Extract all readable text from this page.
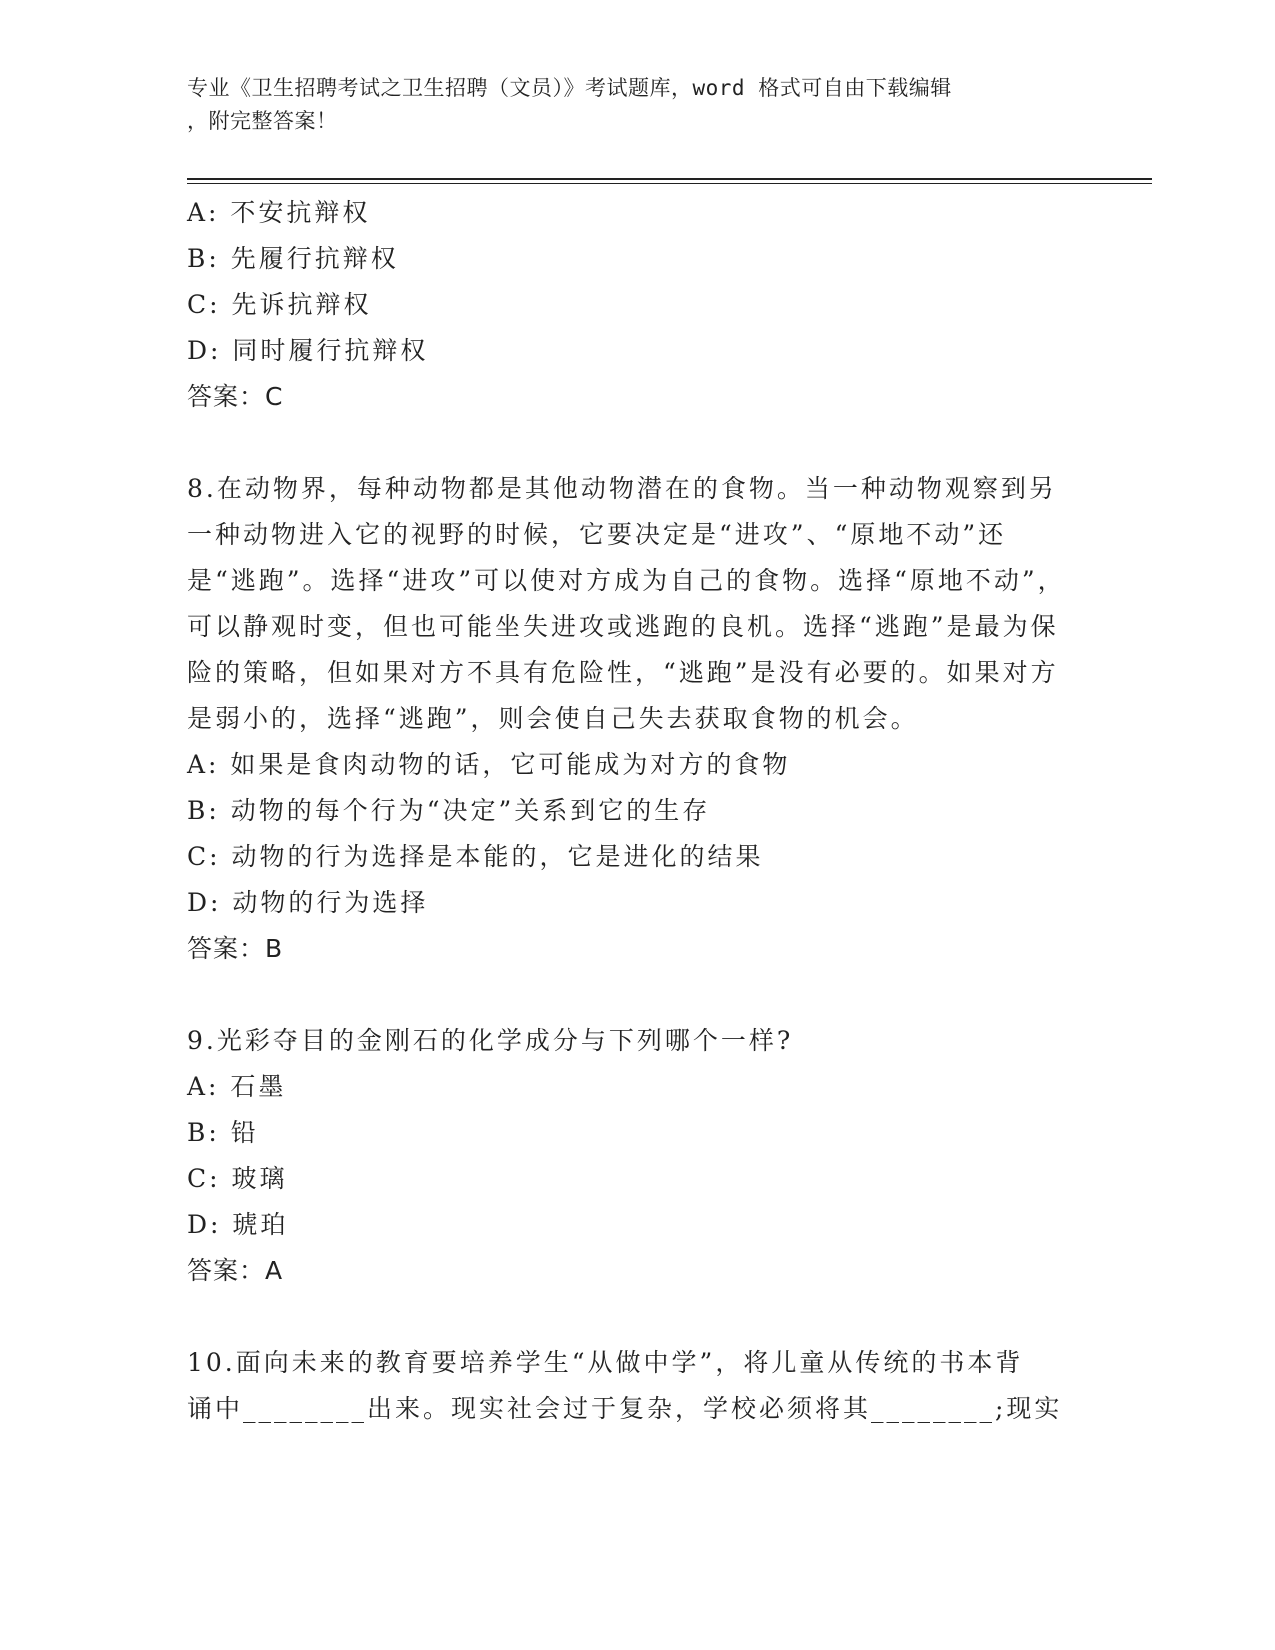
专业《卫生招聘考试之卫生招聘（文员）》考试题库，word 格式可自由下载编辑
，附完整答案！
A: 不安抗辩权
B: 先履行抗辩权
C: 先诉抗辩权
D: 同时履行抗辩权
答案：C
8.在动物界，每种动物都是其他动物潜在的食物。当一种动物观察到另一种动物进入它的视野的时候，它要决定是“进攻”、“原地不动”还是“逃跑”。选择“进攻”可以使对方成为自己的食物。选择“原地不动”，可以静观时变，但也可能坐失进攻或逃跑的良机。选择“逃跑”是最为保险的策略，但如果对方不具有危险性，“逃跑”是没有必要的。如果对方是弱小的，选择“逃跑”，则会使自己失去获取食物的机会。
A: 如果是食肉动物的话，它可能成为对方的食物
B: 动物的每个行为“决定”关系到它的生存
C: 动物的行为选择是本能的，它是进化的结果
D: 动物的行为选择
答案：B
9.光彩夺目的金刚石的化学成分与下列哪个一样?
A: 石墨
B: 铅
C: 玻璃
D: 琥珀
答案：A
10.面向未来的教育要培养学生“从做中学”，将儿童从传统的书本背
诵中________出来。现实社会过于复杂，学校必须将其________;现实
